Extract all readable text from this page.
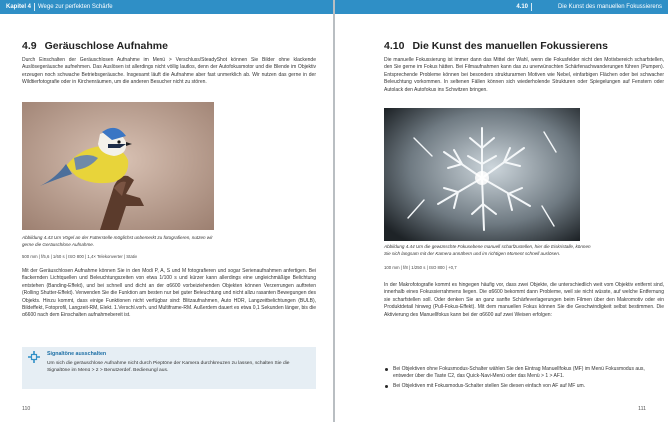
Kapitel 4 Wege zur perfekten Schärfe
4.9 Geräuschlose Aufnahme

Durch Einschalten der Geräuschlosen Aufnahme im Menü > Verschluss/SteadyShot können Sie Bilder ohne klackende Auslösegeräusche aufnehmen. Das Auslösen ist allerdings nicht völlig lautlos, denn der Autofokusmotor und die Blende im Objektiv erzeugen noch schwache Betriebsgeräusche. Insgesamt läuft die Aufnahme aber fast unmerklich ab. Wir nutzen das gerne in der Wildtierfotografie oder in Kirchenräumen, um die anderen Besucher nicht zu stören.

Abbildung 4.43 Um Vögel an der Futterstelle möglichst unbemerkt zu fotografieren, nutzen wir gerne die Geräuschlose Aufnahme.

500 mm | f/5,6 | 1/60 s | ISO 800 | 1,4× Telekonverter | Stativ

Mit der Geräuschlosen Aufnahme können Sie in den Modi P, A, S und M fotografieren und sogar Serienaufnahmen anfertigen. Bei flackernden Lichtquellen und Beleuchtungszeiten von etwa 1/100 s und kürzer kann allerdings eine ungleichmäßige Belichtung entstehen (Banding-Effekt), und bei schnell und dicht an der α6600 vorbeiziehenden Objekten können Verzerrungen auftreten (Rolling Shutter-Effekt). Verwenden Sie die Funktion am besten nur bei guter Beleuchtung und nicht allzu rasanten Bewegungen des Objekts. Hinzu kommt, dass einige Funktionen nicht verfügbar sind: Blitzaufnahmen, Auto HDR, Langzeitbelichtungen (BULB), Bildeffekt, Fotoprofil, Langzeit-RM, Elekt. 1.Verschl.vorh. und Multiframe-RM. Außerdem dauert es etwa 0,1 Sekunden länger, bis die α6600 nach dem Einschalten aufnahmebereit ist.

Signaltöne ausschalten

Um sich die geräuschlose Aufnahme nicht durch Pieptöne der Kamera durchkreuzen zu lassen, schalten Sie die Signaltöne im Menü > 2 > Benutzerdef. Bedienungl aus.

110
4.10	Die Kunst des manuellen Fokussierens
4.10 Die Kunst des manuellen Fokussierens

Die manuelle Fokussierung ist immer dann das Mittel der Wahl, wenn die Fokusfelder nicht den Motivbereich scharfstellen, den Sie gerne im Fokus hätten. Bei Filmaufnahmen kann das zu unerwünschten Schärfenachwanderungen führen (Pumpen). Entsprechende Probleme können bei besonders strukturarmen Motiven wie Nebel, einfarbigen Flächen oder bei schwacher Beleuchtung vorkommen. In seltenen Fällen können sich wiederholende Strukturen oder Spiegelungen auf Fenstern oder Autolack den Autofokus ins Schwitzen bringen.

Abbildung 4.44 Um die gewünschte Fokusebene manuell scharfzustellen, hier die Eiskristalle, können Sie sich langsam mit der Kamera annähern und im richtigen Moment schnell auslösen.

100 mm | f/8 | 1/250 s | ISO 800 | +0,7

In der Makrofotografie kommt es hingegen häufig vor, dass zwei Objekte, die unterschiedlich weit vom Objektiv entfernt sind, innerhalb eines Fokussierrahmens liegen. Die α6600 bekommt dann Probleme, weil sie nicht wüsste, auf welche Entfernung sie scharfstellen soll. Oder denken Sie an ganz sanfte Schärfeverlagerungen beim Filmen über den Makromotiv oder ein Produktdetail hinweg (Pull-Fokus-Effekt). Mit dem manuellen Fokus können Sie die Geschwindigkeit selbst bestimmen. Die Aktivierung des Manuellfokus kann bei der α6600 auf zwei Weisen erfolgen:

Bei Objektiven ohne Fokusmodus-Schalter wählen Sie den Eintrag Manuellfokus (MF) im Menü Fokusmodus aus, entweder über die Taste C2, das Quick-Navi-Menü oder das Menü > 1 > AF1.
Bei Objektiven mit Fokusmodus-Schalter stellen Sie diesen einfach von AF auf MF um.
111
